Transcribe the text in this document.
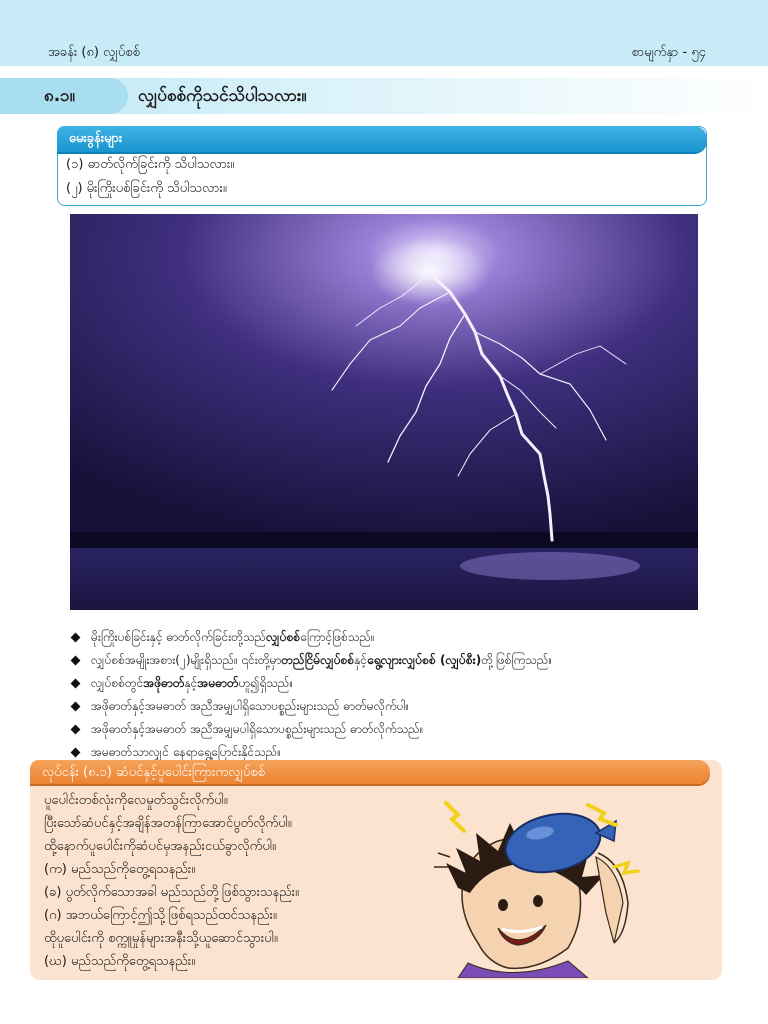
အခန်း (၈) လျှပ်စစ်	စာမျက်နှာ - ၅၄
၈.၁။	လျှပ်စစ်ကိုသင်သိပါသလား။
မေးခွန်းများ
(၁) ဓာတ်လိုက်ခြင်းကို သိပါသလား။
(၂) မိုးကြိုးပစ်ခြင်းကို သိပါသလား။
မိုးကြိုးပစ်ခြင်းနှင့် ဓာတ်လိုက်ခြင်းတို့သည် လျှပ်စစ် ကြောင့်ဖြစ်သည်။
လျှပ်စစ်အမျိုးအစား(၂)မျိုးရှိသည်။ ၎င်းတို့မှာ တည်ငြိမ်လျှပ်စစ် နှင့် ရွေ့လျားလျှပ်စစ် (လျှပ်စီး) တို့ဖြစ်ကြသည်။
လျှပ်စစ်တွင် အဖိုဓာတ် နှင့် အမဓာတ် ဟူ၍ရှိသည်။
အဖိုဓာတ်နှင့်အမဓာတ် အညီအမျှပါရှိသောပစ္စည်းများသည် ဓာတ်မလိုက်ပါ။
အဖိုဓာတ်နှင့်အမဓာတ် အညီအမျှမပါရှိသောပစ္စည်းများသည် ဓာတ်လိုက်သည်။
အမဓာတ်သာလျှင် နေရာရွှေ့ပြောင်းနိုင်သည်။
လုပ်ငန်း (၈.၁) ဆံပင်နှင့်ပူပေါင်းကြားကလျှပ်စစ်
ပူပေါင်းတစ်လုံးကိုလေမှုတ်သွင်းလိုက်ပါ။
ပြီးသော်ဆံပင်နှင့်အချိန်အတန်ကြာအောင်ပွတ်လိုက်ပါ။
ထို့နောက်ပူပေါင်းကိုဆံပင်မှအနည်းငယ်ခွာလိုက်ပါ။
(က) မည်သည်ကိုတွေ့ရသနည်း။
(ခ) ပွတ်လိုက်သောအခါ မည်သည်တို့ဖြစ်သွားသနည်း။
(ဂ) အဘယ်ကြောင့်ဤသို့ဖြစ်ရသည်ထင်သနည်း။
ထိုပူပေါင်းကို စက္ကူမှုန်များအနီးသို့ယူဆောင်သွားပါ။
(ဃ) မည်သည်ကိုတွေ့ရသနည်း။
